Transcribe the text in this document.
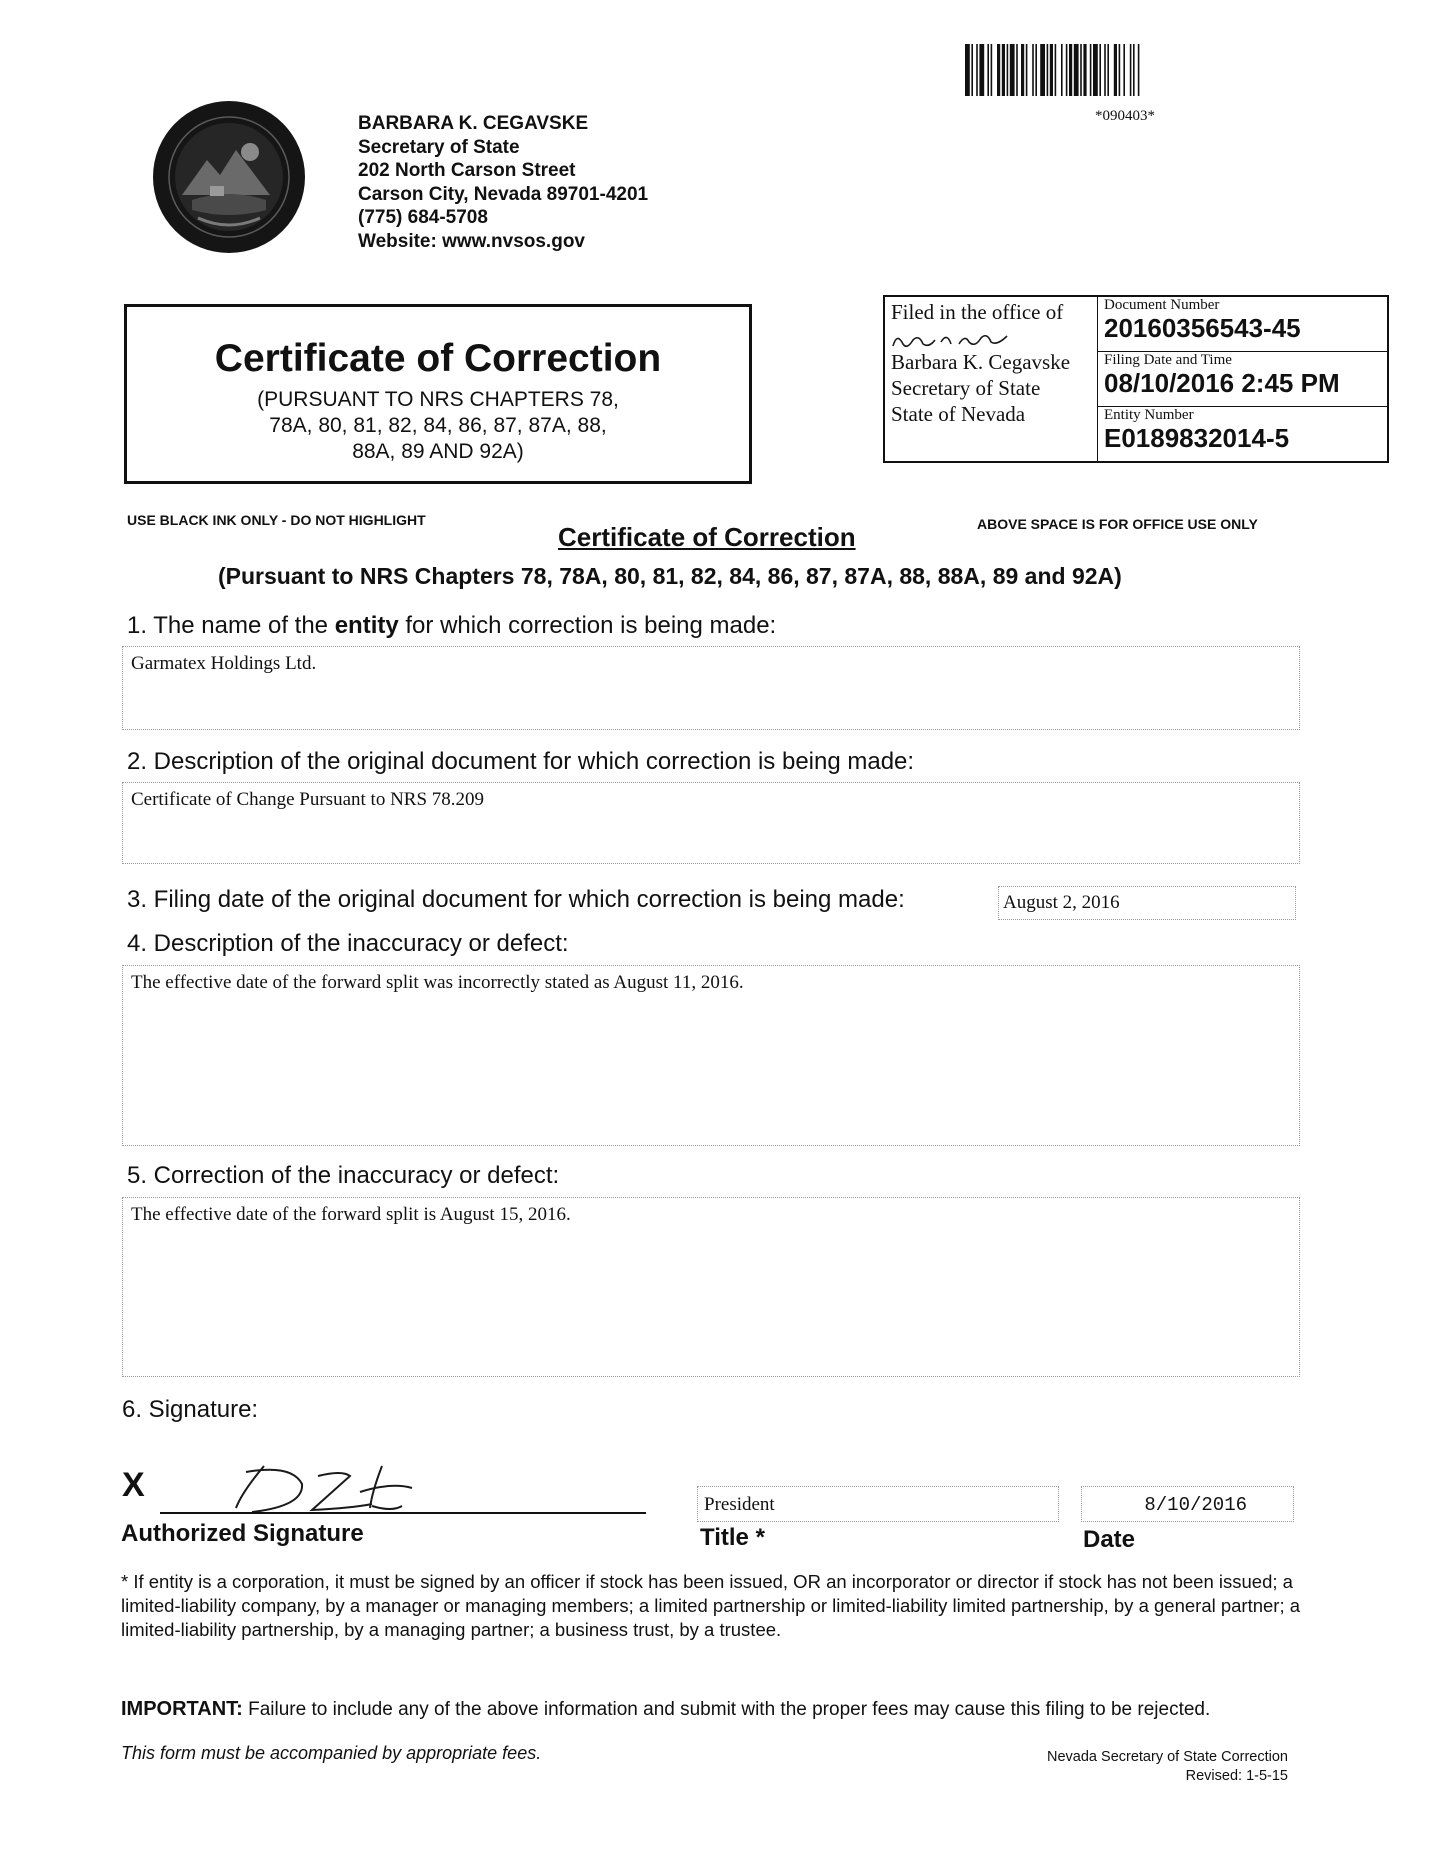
*090403*
BARBARA K. CEGAVSKE
Secretary of State
202 North Carson Street
Carson City, Nevada 89701-4201
(775) 684-5708
Website: www.nvsos.gov
Certificate of Correction
(PURSUANT TO NRS CHAPTERS 78,
78A, 80, 81, 82, 84, 86, 87, 87A, 88,
88A, 89 AND 92A)
Filed in the office of
Barbara K. Cegavske
Secretary of State
State of Nevada
Document Number
20160356543-45
Filing Date and Time
08/10/2016 2:45 PM
Entity Number
E0189832014-5
USE BLACK INK ONLY - DO NOT HIGHLIGHT	ABOVE SPACE IS FOR OFFICE USE ONLY
Certificate of Correction
(Pursuant to NRS Chapters 78, 78A, 80, 81, 82, 84, 86, 87, 87A, 88, 88A, 89 and 92A)
1. The name of the entity for which correction is being made:
Garmatex Holdings Ltd.
2. Description of the original document for which correction is being made:
Certificate of Change Pursuant to NRS 78.209
3. Filing date of the original document for which correction is being made:	August 2, 2016
4. Description of the inaccuracy or defect:
The effective date of the forward split was incorrectly stated as August 11, 2016.
5. Correction of the inaccuracy or defect:
The effective date of the forward split is August 15, 2016.
6. Signature:
X
Authorized Signature
President
Title *
8/10/2016
Date
* If entity is a corporation, it must be signed by an officer if stock has been issued, OR an incorporator or director if stock has not been issued; a limited-liability company, by a manager or managing members; a limited partnership or limited-liability limited partnership, by a general partner; a limited-liability partnership, by a managing partner; a business trust, by a trustee.
IMPORTANT: Failure to include any of the above information and submit with the proper fees may cause this filing to be rejected.
This form must be accompanied by appropriate fees.	Nevada Secretary of State Correction
Revised: 1-5-15
